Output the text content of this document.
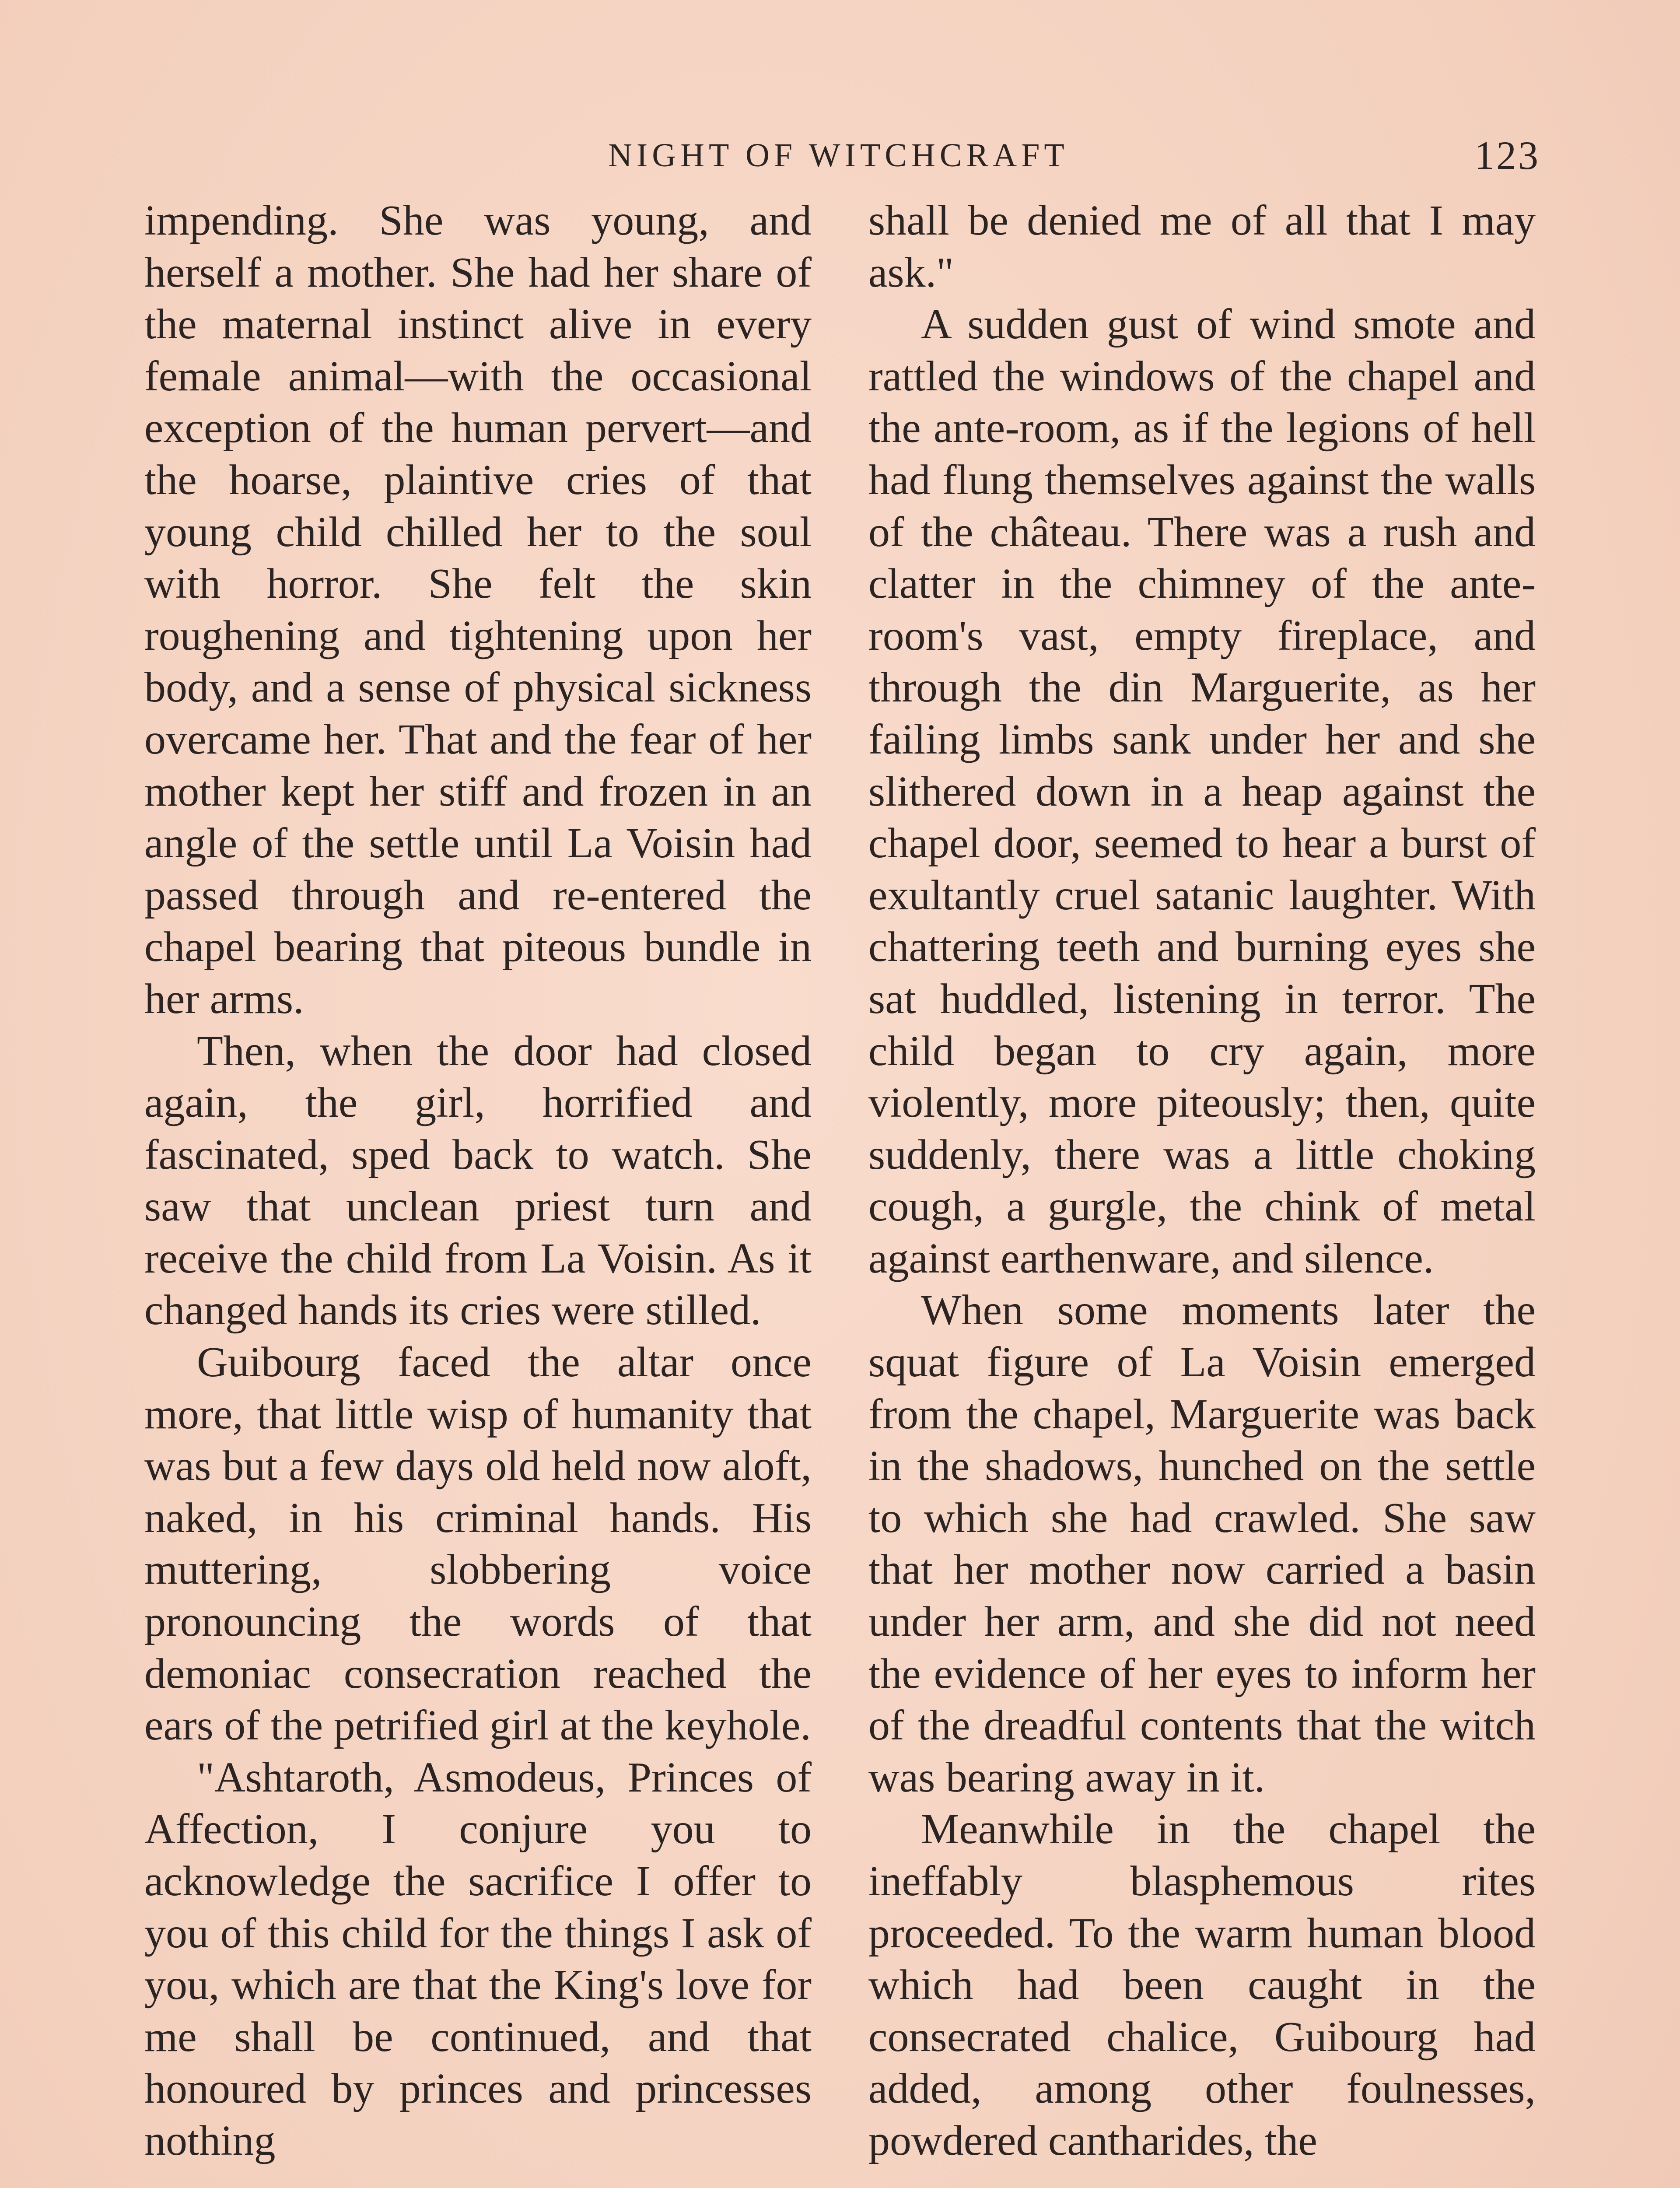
NIGHT OF WITCHCRAFT	123

impending. She was young, and herself a mother. She had her share of the maternal instinct alive in every female animal—with the occasional exception of the human pervert—and the hoarse, plaintive cries of that young child chilled her to the soul with horror. She felt the skin roughening and tightening upon her body, and a sense of physical sickness overcame her. That and the fear of her mother kept her stiff and frozen in an angle of the settle until La Voisin had passed through and re-entered the chapel bearing that piteous bundle in her arms.

Then, when the door had closed again, the girl, horrified and fascinated, sped back to watch. She saw that unclean priest turn and receive the child from La Voisin. As it changed hands its cries were stilled.

Guibourg faced the altar once more, that little wisp of humanity that was but a few days old held now aloft, naked, in his criminal hands. His muttering, slobbering voice pronouncing the words of that demoniac consecration reached the ears of the petrified girl at the keyhole.

"Ashtaroth, Asmodeus, Princes of Affection, I conjure you to acknowledge the sacrifice I offer to you of this child for the things I ask of you, which are that the King's love for me shall be continued, and that honoured by princes and princesses nothing

shall be denied me of all that I may ask."

A sudden gust of wind smote and rattled the windows of the chapel and the ante-room, as if the legions of hell had flung themselves against the walls of the château. There was a rush and clatter in the chimney of the ante-room's vast, empty fireplace, and through the din Marguerite, as her failing limbs sank under her and she slithered down in a heap against the chapel door, seemed to hear a burst of exultantly cruel satanic laughter. With chattering teeth and burning eyes she sat huddled, listening in terror. The child began to cry again, more violently, more piteously; then, quite suddenly, there was a little choking cough, a gurgle, the chink of metal against earthenware, and silence.

When some moments later the squat figure of La Voisin emerged from the chapel, Marguerite was back in the shadows, hunched on the settle to which she had crawled. She saw that her mother now carried a basin under her arm, and she did not need the evidence of her eyes to inform her of the dreadful contents that the witch was bearing away in it.

Meanwhile in the chapel the ineffably blasphemous rites proceeded. To the warm human blood which had been caught in the consecrated chalice, Guibourg had added, among other foulnesses, powdered cantharides, the
